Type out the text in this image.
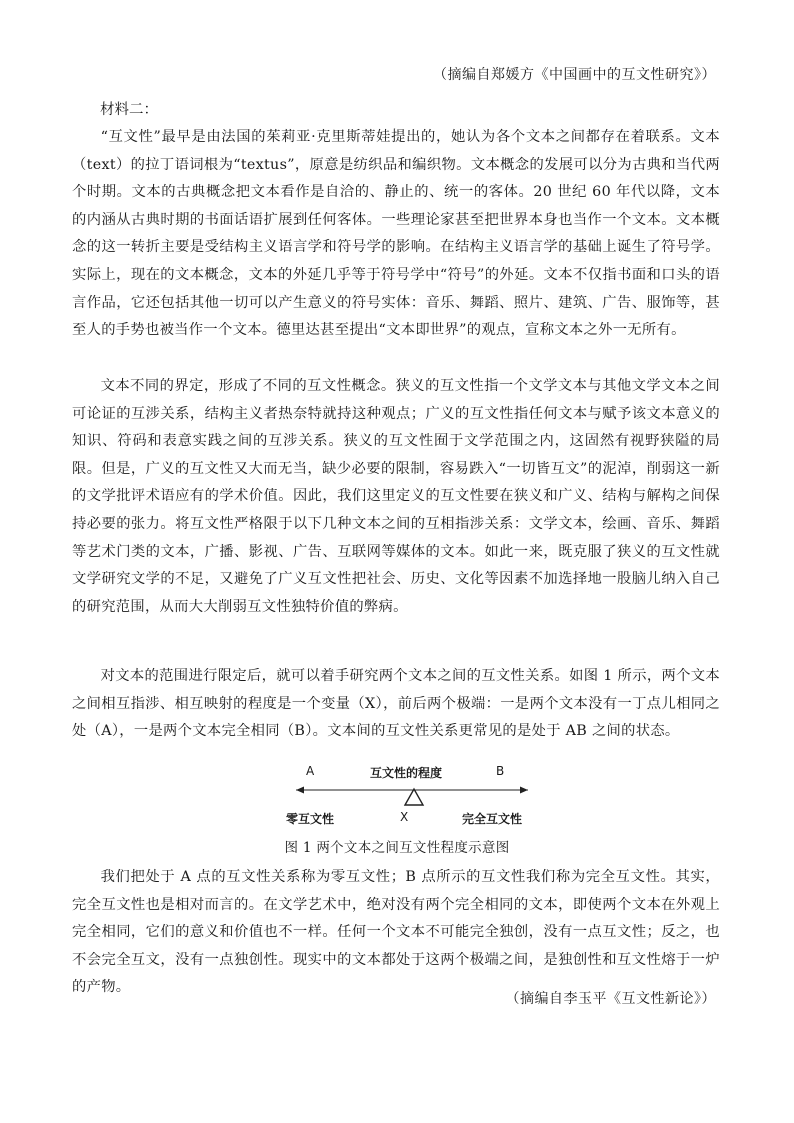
（摘编自郑媛方《中国画中的互文性研究》）
材料二：
“互文性”最早是由法国的茱莉亚·克里斯蒂娃提出的，她认为各个文本之间都存在着联系。文本（text）的拉丁语词根为“textus”，原意是纺织品和编织物。文本概念的发展可以分为古典和当代两个时期。文本的古典概念把文本看作是自洽的、静止的、统一的客体。20 世纪 60 年代以降，文本的内涵从古典时期的书面话语扩展到任何客体。一些理论家甚至把世界本身也当作一个文本。文本概念的这一转折主要是受结构主义语言学和符号学的影响。在结构主义语言学的基础上诞生了符号学。实际上，现在的文本概念，文本的外延几乎等于符号学中“符号”的外延。文本不仅指书面和口头的语言作品，它还包括其他一切可以产生意义的符号实体：音乐、舞蹈、照片、建筑、广告、服饰等，甚至人的手势也被当作一个文本。德里达甚至提出“文本即世界”的观点，宣称文本之外一无所有。
文本不同的界定，形成了不同的互文性概念。狭义的互文性指一个文学文本与其他文学文本之间可论证的互涉关系，结构主义者热奈特就持这种观点；广义的互文性指任何文本与赋予该文本意义的知识、符码和表意实践之间的互涉关系。狭义的互文性囿于文学范围之内，这固然有视野狭隘的局限。但是，广义的互文性又大而无当，缺少必要的限制，容易跌入“一切皆互文”的泥淖，削弱这一新的文学批评术语应有的学术价值。因此，我们这里定义的互文性要在狭义和广义、结构与解构之间保持必要的张力。将互文性严格限于以下几种文本之间的互相指涉关系：文学文本，绘画、音乐、舞蹈等艺术门类的文本，广播、影视、广告、互联网等媒体的文本。如此一来，既克服了狭义的互文性就文学研究文学的不足，又避免了广义互文性把社会、历史、文化等因素不加选择地一股脑儿纳入自己的研究范围，从而大大削弱互文性独特价值的弊病。
对文本的范围进行限定后，就可以着手研究两个文本之间的互文性关系。如图 1 所示，两个文本之间相互指涉、相互映射的程度是一个变量（X），前后两个极端：一是两个文本没有一丁点儿相同之处（A），一是两个文本完全相同（B）。文本间的互文性关系更常见的是处于 AB 之间的状态。
A	互文性的程度	B
零互文性	X	完全互文性
图 1 两个文本之间互文性程度示意图
我们把处于 A 点的互文性关系称为零互文性；B 点所示的互文性我们称为完全互文性。其实，完全互文性也是相对而言的。在文学艺术中，绝对没有两个完全相同的文本，即使两个文本在外观上完全相同，它们的意义和价值也不一样。任何一个文本不可能完全独创，没有一点互文性；反之，也不会完全互文，没有一点独创性。现实中的文本都处于这两个极端之间，是独创性和互文性熔于一炉的产物。
（摘编自李玉平《互文性新论》）
